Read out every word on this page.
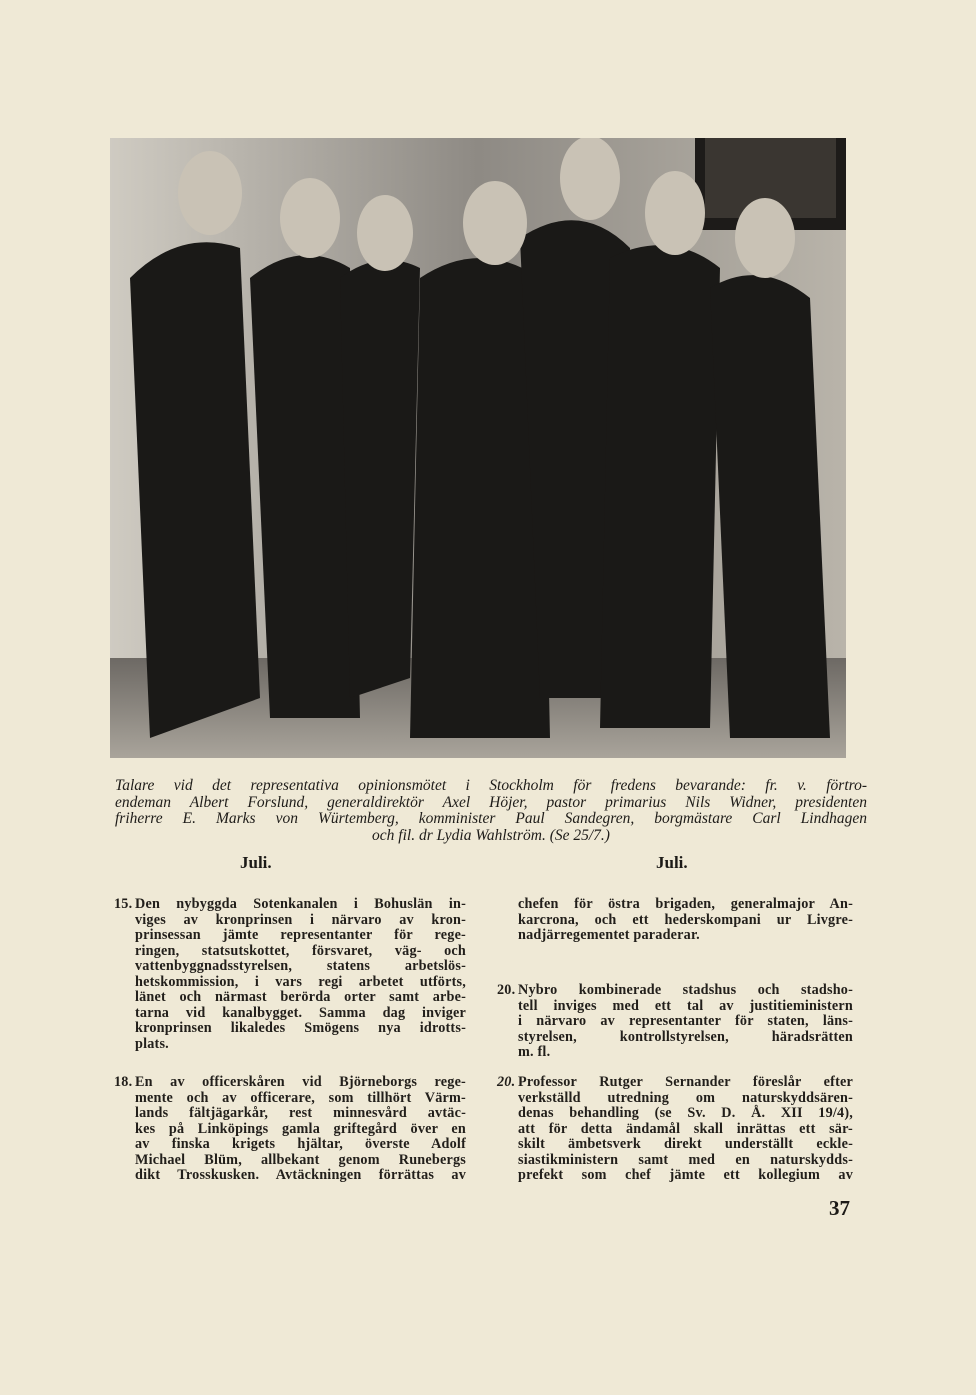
Talare vid det representativa opinionsmötet i Stockholm för fredens bevarande: fr. v. förtro-
endeman Albert Forslund, generaldirektör Axel Höjer, pastor primarius Nils Widner, presidenten
friherre E. Marks von Würtemberg, komminister Paul Sandegren, borgmästare Carl Lindhagen
och fil. dr Lydia Wahlström. (Se 25/7.)
Juli.	Juli.
15. Den nybyggda Sotenkanalen i Bohuslän in-
viges av kronprinsen i närvaro av kron-
prinsessan jämte representanter för rege-
ringen, statsutskottet, försvaret, väg- och
vattenbyggnadsstyrelsen, statens arbetslös-
hetskommission, i vars regi arbetet utförts,
länet och närmast berörda orter samt arbe-
tarna vid kanalbygget. Samma dag inviger
kronprinsen likaledes Smögens nya idrotts-
plats.
18. En av officerskåren vid Björneborgs rege-
mente och av officerare, som tillhört Värm-
lands fältjägarkår, rest minnesvård avtäc-
kes på Linköpings gamla griftegård över en
av finska krigets hjältar, överste Adolf
Michael Blüm, allbekant genom Runebergs
dikt Trosskusken. Avtäckningen förrättas av
chefen för östra brigaden, generalmajor An-
karcrona, och ett hederskompani ur Livgre-
nadjärregementet paraderar.
20. Nybro kombinerade stadshus och stadsho-
tell inviges med ett tal av justitieministern
i närvaro av representanter för staten, läns-
styrelsen, kontrollstyrelsen, häradsrätten
m. fl.
20. Professor Rutger Sernander föreslår efter
verkställd utredning om naturskyddsären-
denas behandling (se Sv. D. Å. XII 19/4),
att för detta ändamål skall inrättas ett sär-
skilt ämbetsverk direkt underställt eckle-
siastikministern samt med en naturskydds-
prefekt som chef jämte ett kollegium av
37
